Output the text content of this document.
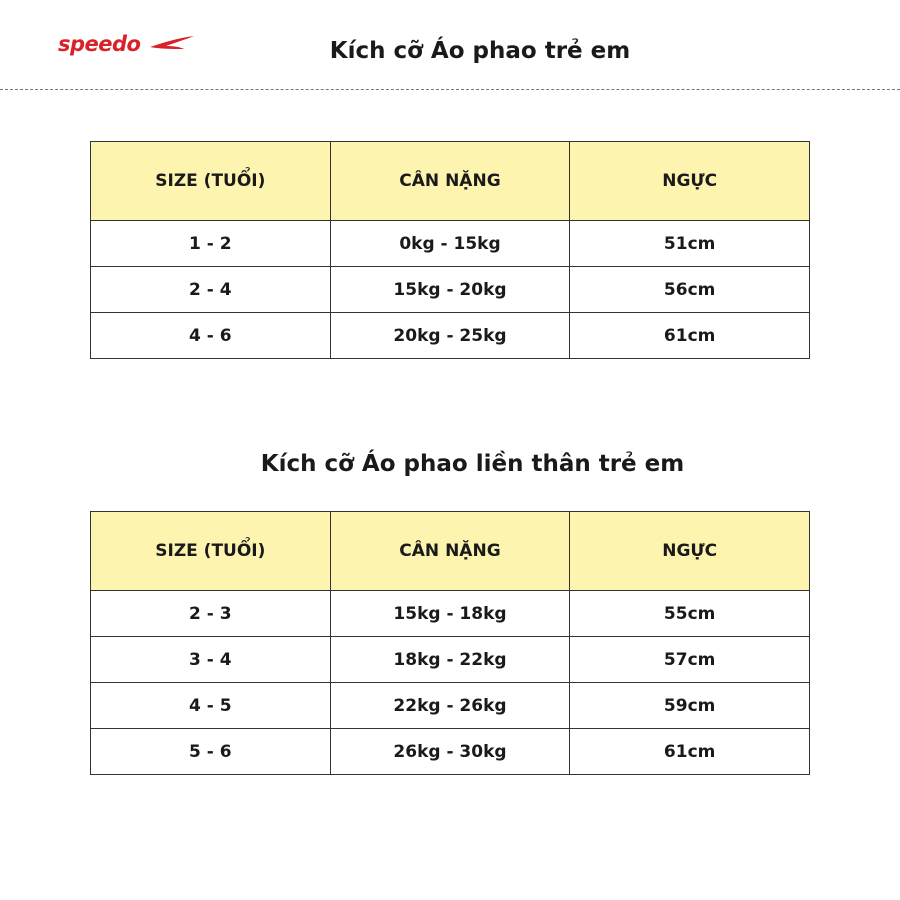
speedo	Kích cỡ Áo phao trẻ em
SIZE (TUỔI)	CÂN NẶNG	NGỰC
1 - 2	0kg - 15kg	51cm
2 - 4	15kg - 20kg	56cm
4 - 6	20kg - 25kg	61cm
Kích cỡ Áo phao liền thân trẻ em
SIZE (TUỔI)	CÂN NẶNG	NGỰC
2 - 3	15kg - 18kg	55cm
3 - 4	18kg - 22kg	57cm
4 - 5	22kg - 26kg	59cm
5 - 6	26kg - 30kg	61cm
